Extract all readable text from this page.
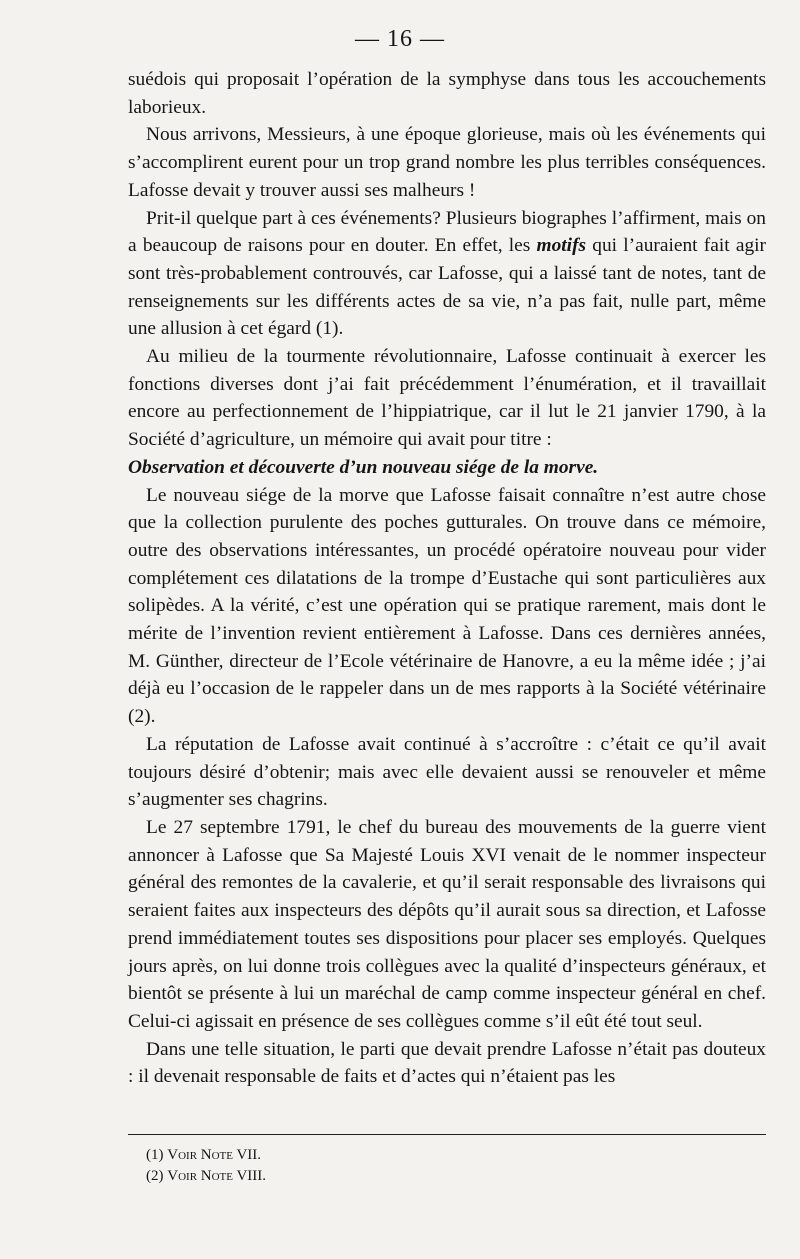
— 16 —

suédois qui proposait l’opération de la symphyse dans tous les accouchements laborieux.

Nous arrivons, Messieurs, à une époque glorieuse, mais où les événements qui s’accomplirent eurent pour un trop grand nombre les plus terribles conséquences. Lafosse devait y trouver aussi ses malheurs !

Prit-il quelque part à ces événements? Plusieurs biographes l’affirment, mais on a beaucoup de raisons pour en douter. En effet, les motifs qui l’auraient fait agir sont très-probablement controuvés, car Lafosse, qui a laissé tant de notes, tant de renseignements sur les différents actes de sa vie, n’a pas fait, nulle part, même une allusion à cet égard (1).

Au milieu de la tourmente révolutionnaire, Lafosse continuait à exercer les fonctions diverses dont j’ai fait précédemment l’énumération, et il travaillait encore au perfectionnement de l’hippiatrique, car il lut le 21 janvier 1790, à la Société d’agriculture, un mémoire qui avait pour titre :
Observation et découverte d’un nouveau siége de la morve.

Le nouveau siége de la morve que Lafosse faisait connaître n’est autre chose que la collection purulente des poches gutturales. On trouve dans ce mémoire, outre des observations intéressantes, un procédé opératoire nouveau pour vider complétement ces dilatations de la trompe d’Eustache qui sont particulières aux solipèdes. A la vérité, c’est une opération qui se pratique rarement, mais dont le mérite de l’invention revient entièrement à Lafosse. Dans ces dernières années, M. Günther, directeur de l’Ecole vétérinaire de Hanovre, a eu la même idée ; j’ai déjà eu l’occasion de le rappeler dans un de mes rapports à la Société vétérinaire (2).

La réputation de Lafosse avait continué à s’accroître : c’était ce qu’il avait toujours désiré d’obtenir; mais avec elle devaient aussi se renouveler et même s’augmenter ses chagrins.

Le 27 septembre 1791, le chef du bureau des mouvements de la guerre vient annoncer à Lafosse que Sa Majesté Louis XVI venait de le nommer inspecteur général des remontes de la cavalerie, et qu’il serait responsable des livraisons qui seraient faites aux inspecteurs des dépôts qu’il aurait sous sa direction, et Lafosse prend immédiatement toutes ses dispositions pour placer ses employés. Quelques jours après, on lui donne trois collègues avec la qualité d’inspecteurs généraux, et bientôt se présente à lui un maréchal de camp comme inspecteur général en chef. Celui-ci agissait en présence de ses collègues comme s’il eût été tout seul.

Dans une telle situation, le parti que devait prendre Lafosse n’était pas douteux : il devenait responsable de faits et d’actes qui n’étaient pas les

(1) Voir Note VII.
(2) Voir Note VIII.
